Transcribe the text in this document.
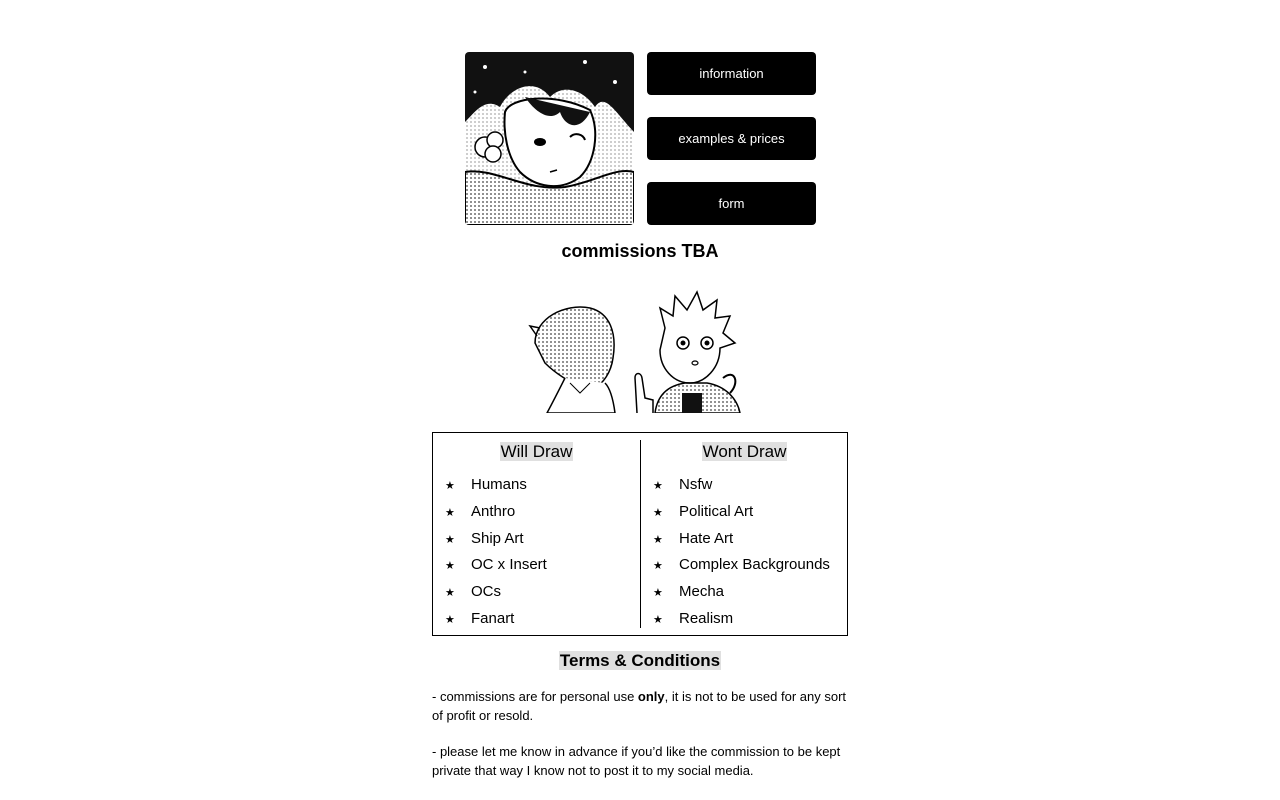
information
examples & prices
form
commissions TBA
Will Draw
★ Humans
★ Anthro
★ Ship Art
★ OC x Insert
★ OCs
★ Fanart
Wont Draw
★ Nsfw
★ Political Art
★ Hate Art
★ Complex Backgrounds
★ Mecha
★ Realism
Terms & Conditions

- commissions are for personal use only, it is not to be used for any sort of profit or resold.

- please let me know in advance if you’d like the commission to be kept private that way I know not to post it to my social media.
